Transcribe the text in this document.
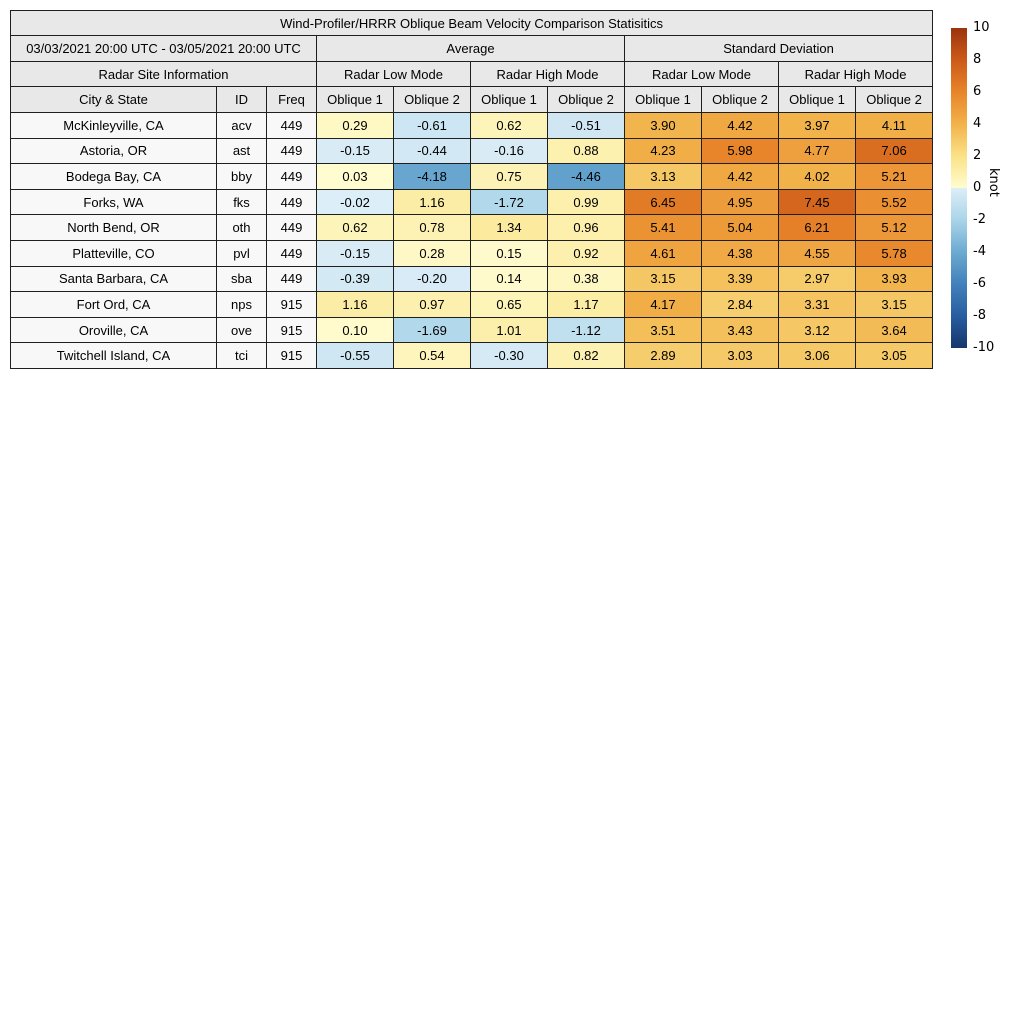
Wind-Profiler/HRRR Oblique Beam Velocity Comparison Statisitics										
03/03/2021 20:00 UTC - 03/05/2021 20:00 UTC			Average				Standard Deviation			
Radar Site Information			Radar Low Mode		Radar High Mode		Radar Low Mode		Radar High Mode	
City & State	ID	Freq	Oblique 1	Oblique 2	Oblique 1	Oblique 2	Oblique 1	Oblique 2	Oblique 1	Oblique 2
McKinleyville, CA	acv	449	0.29	-0.61	0.62	-0.51	3.90	4.42	3.97	4.11
Astoria, OR	ast	449	-0.15	-0.44	-0.16	0.88	4.23	5.98	4.77	7.06
Bodega Bay, CA	bby	449	0.03	-4.18	0.75	-4.46	3.13	4.42	4.02	5.21
Forks, WA	fks	449	-0.02	1.16	-1.72	0.99	6.45	4.95	7.45	5.52
North Bend, OR	oth	449	0.62	0.78	1.34	0.96	5.41	5.04	6.21	5.12
Platteville, CO	pvl	449	-0.15	0.28	0.15	0.92	4.61	4.38	4.55	5.78
Santa Barbara, CA	sba	449	-0.39	-0.20	0.14	0.38	3.15	3.39	2.97	3.93
Fort Ord, CA	nps	915	1.16	0.97	0.65	1.17	4.17	2.84	3.31	3.15
Oroville, CA	ove	915	0.10	-1.69	1.01	-1.12	3.51	3.43	3.12	3.64
Twitchell Island, CA	tci	915	-0.55	0.54	-0.30	0.82	2.89	3.03	3.06	3.05
10
8
6
4
2
0
-2
-4
-6
-8
-10
knot
